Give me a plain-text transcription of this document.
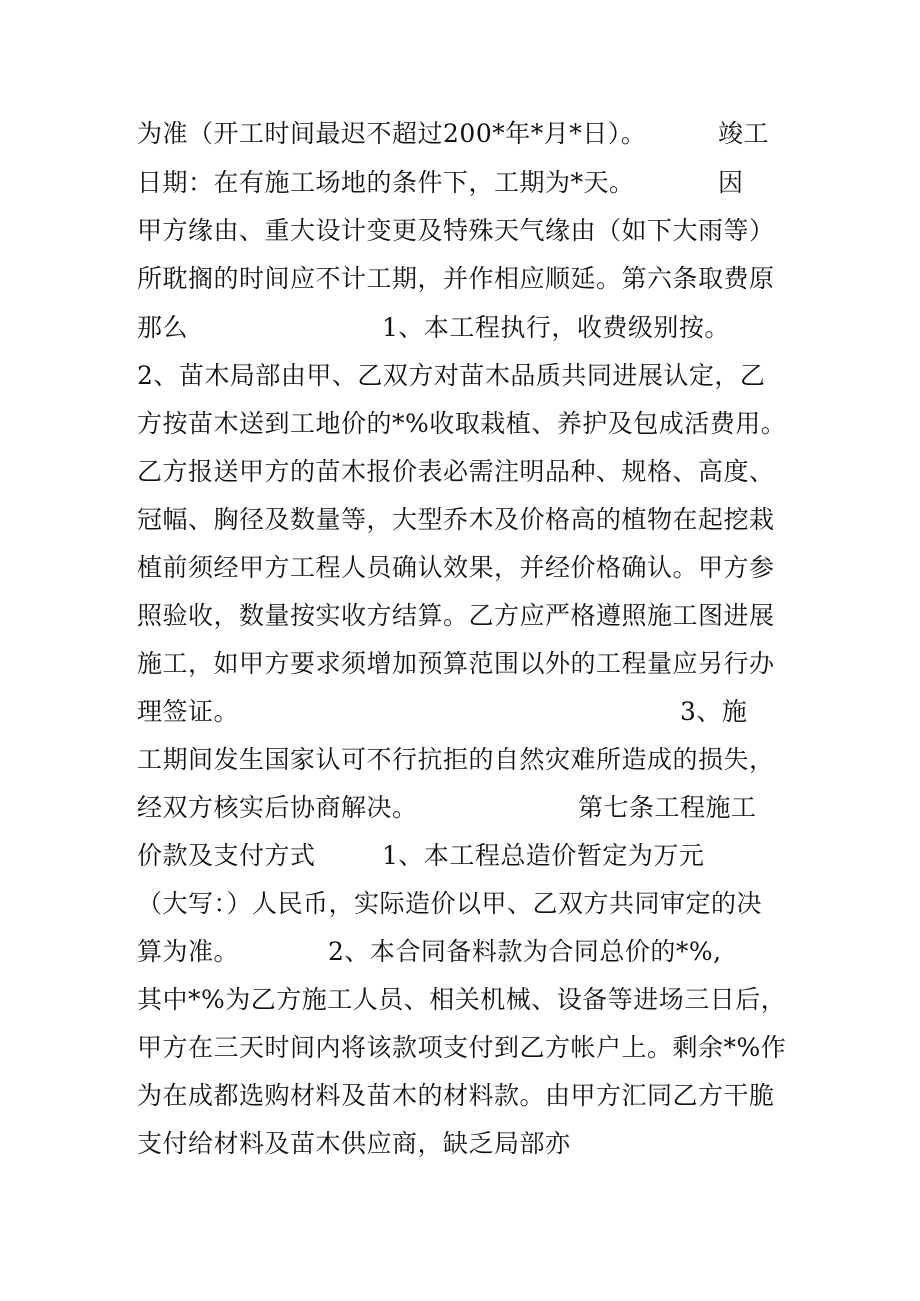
为准（开工时间最迟不超过200*年*月*日）。	竣工
日期：在有施工场地的条件下，工期为*天。	因
甲方缘由、重大设计变更及特殊天气缘由（如下大雨等）
所耽搁的时间应不计工期，并作相应顺延。第六条取费原
那么	1、本工程执行，收费级别按。
2、苗木局部由甲、乙双方对苗木品质共同进展认定，乙
方按苗木送到工地价的*%收取栽植、养护及包成活费用。
乙方报送甲方的苗木报价表必需注明品种、规格、高度、
冠幅、胸径及数量等，大型乔木及价格高的植物在起挖栽
植前须经甲方工程人员确认效果，并经价格确认。甲方参
照验收，数量按实收方结算。乙方应严格遵照施工图进展
施工，如甲方要求须增加预算范围以外的工程量应另行办
理签证。	3、施
工期间发生国家认可不行抗拒的自然灾难所造成的损失，
经双方核实后协商解决。	第七条工程施工
价款及支付方式	1、本工程总造价暂定为万元
（大写：）人民币，实际造价以甲、乙双方共同审定的决
算为准。	2、本合同备料款为合同总价的*%,
其中*%为乙方施工人员、相关机械、设备等进场三日后，
甲方在三天时间内将该款项支付到乙方帐户上。剩余*%作
为在成都选购材料及苗木的材料款。由甲方汇同乙方干脆
支付给材料及苗木供应商，缺乏局部亦
